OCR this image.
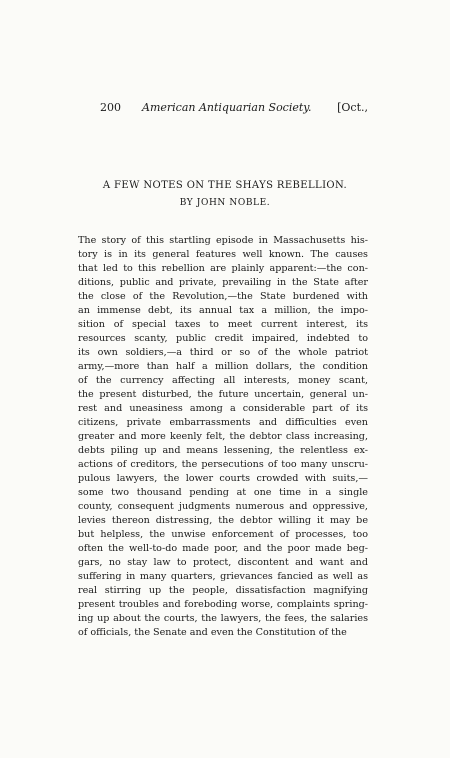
200 American Antiquarian Society. [Oct.,
A FEW NOTES ON THE SHAYS REBELLION.
BY JOHN NOBLE.
The story of this startling episode in Massachusetts his-
tory is in its general features well known. The causes
that led to this rebellion are plainly apparent:—the con-
ditions, public and private, prevailing in the State after
the close of the Revolution,—the State burdened with
an immense debt, its annual tax a million, the impo-
sition of special taxes to meet current interest, its
resources scanty, public credit impaired, indebted to
its own soldiers,—a third or so of the whole patriot
army,—more than half a million dollars, the condition
of the currency affecting all interests, money scant,
the present disturbed, the future uncertain, general un-
rest and uneasiness among a considerable part of its
citizens, private embarrassments and difficulties even
greater and more keenly felt, the debtor class increasing,
debts piling up and means lessening, the relentless ex-
actions of creditors, the persecutions of too many unscru-
pulous lawyers, the lower courts crowded with suits,—
some two thousand pending at one time in a single
county, consequent judgments numerous and oppressive,
levies thereon distressing, the debtor willing it may be
but helpless, the unwise enforcement of processes, too
often the well-to-do made poor, and the poor made beg-
gars, no stay law to protect, discontent and want and
suffering in many quarters, grievances fancied as well as
real stirring up the people, dissatisfaction magnifying
present troubles and foreboding worse, complaints spring-
ing up about the courts, the lawyers, the fees, the salaries
of officials, the Senate and even the Constitution of the
